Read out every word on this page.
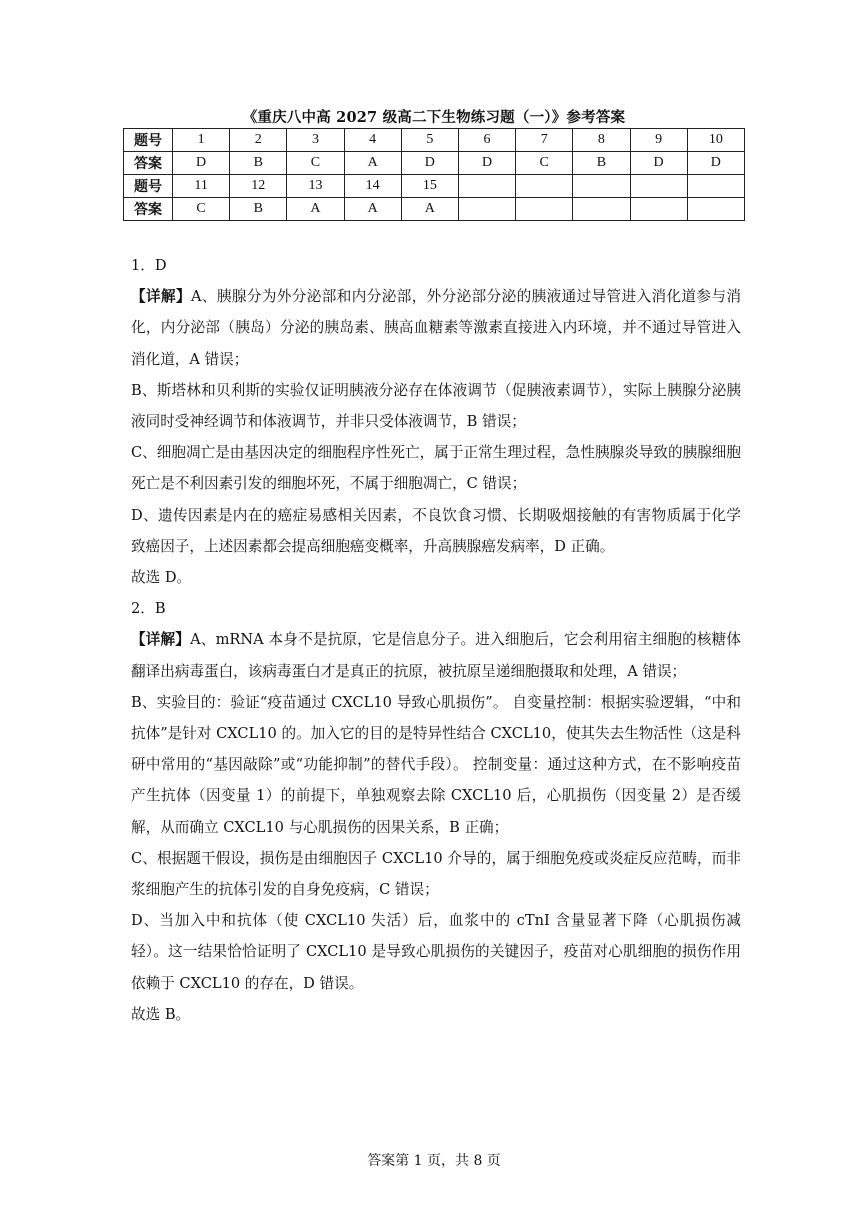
《重庆八中高 2027 级高二下生物练习题（一）》参考答案
题号	1	2	3	4	5	6	7	8	9	10
答案	D	B	C	A	D	D	C	B	D	D
题号	11	12	13	14	15					
答案	C	B	A	A	A					

1．D

【详解】A、胰腺分为外分泌部和内分泌部，外分泌部分泌的胰液通过导管进入消化道参与消化，内分泌部（胰岛）分泌的胰岛素、胰高血糖素等激素直接进入内环境，并不通过导管进入消化道，A 错误；

B、斯塔林和贝利斯的实验仅证明胰液分泌存在体液调节（促胰液素调节），实际上胰腺分泌胰液同时受神经调节和体液调节，并非只受体液调节，B 错误；

C、细胞凋亡是由基因决定的细胞程序性死亡，属于正常生理过程，急性胰腺炎导致的胰腺细胞死亡是不利因素引发的细胞坏死，不属于细胞凋亡，C 错误；

D、遗传因素是内在的癌症易感相关因素，不良饮食习惯、长期吸烟接触的有害物质属于化学致癌因子，上述因素都会提高细胞癌变概率，升高胰腺癌发病率，D 正确。

故选 D。

2．B

【详解】A、mRNA 本身不是抗原，它是信息分子。进入细胞后，它会利用宿主细胞的核糖体翻译出病毒蛋白，该病毒蛋白才是真正的抗原，被抗原呈递细胞摄取和处理，A 错误；

B、实验目的：验证“疫苗通过 CXCL10 导致心肌损伤”。 自变量控制：根据实验逻辑，“中和抗体”是针对 CXCL10 的。加入它的目的是特异性结合 CXCL10，使其失去生物活性（这是科研中常用的“基因敲除”或“功能抑制”的替代手段）。 控制变量：通过这种方式，在不影响疫苗产生抗体（因变量 1）的前提下，单独观察去除 CXCL10 后，心肌损伤（因变量 2）是否缓解，从而确立 CXCL10 与心肌损伤的因果关系，B 正确；

C、根据题干假设，损伤是由细胞因子 CXCL10 介导的，属于细胞免疫或炎症反应范畴，而非浆细胞产生的抗体引发的自身免疫病，C 错误；

D、当加入中和抗体（使 CXCL10 失活）后，血浆中的 cTnI 含量显著下降（心肌损伤减轻）。这一结果恰恰证明了 CXCL10 是导致心肌损伤的关键因子，疫苗对心肌细胞的损伤作用依赖于 CXCL10 的存在，D 错误。

故选 B。

答案第 1 页，共 8 页
